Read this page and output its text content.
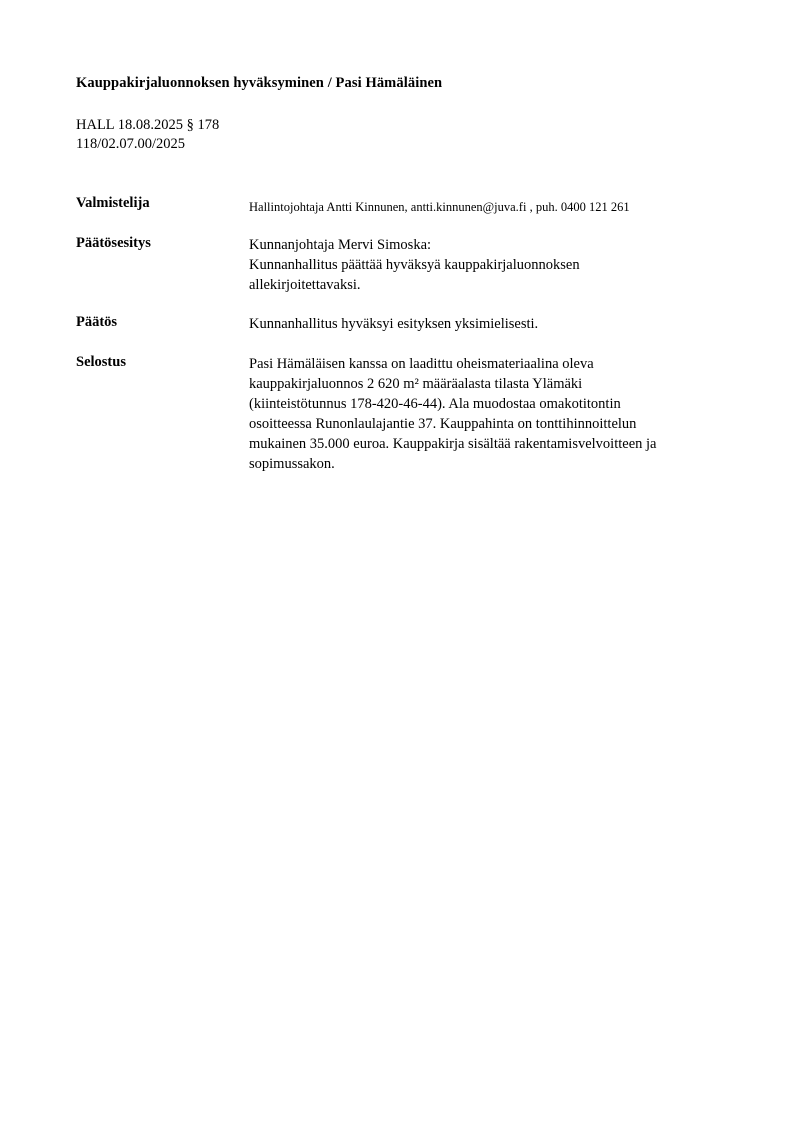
Kauppakirjaluonnoksen hyväksyminen / Pasi Hämäläinen
HALL 18.08.2025 § 178
118/02.07.00/2025
Valmistelija	Hallintojohtaja Antti Kinnunen, antti.kinnunen@juva.fi , puh. 0400 121 261
Päätösesitys	Kunnanjohtaja Mervi Simoska:
Kunnanhallitus päättää hyväksyä kauppakirjaluonnoksen
allekirjoitettavaksi.
Päätös	Kunnanhallitus hyväksyi esityksen yksimielisesti.
Selostus	Pasi Hämäläisen kanssa on laadittu oheismateriaalina oleva
kauppakirjaluonnos 2 620 m² määräalasta tilasta Ylämäki
(kiinteistötunnus 178-420-46-44). Ala muodostaa omakotitontin
osoitteessa Runonlaulajantie 37. Kauppahinta on tonttihinnoittelun
mukainen 35.000 euroa. Kauppakirja sisältää rakentamisvelvoitteen ja
sopimussakon.
